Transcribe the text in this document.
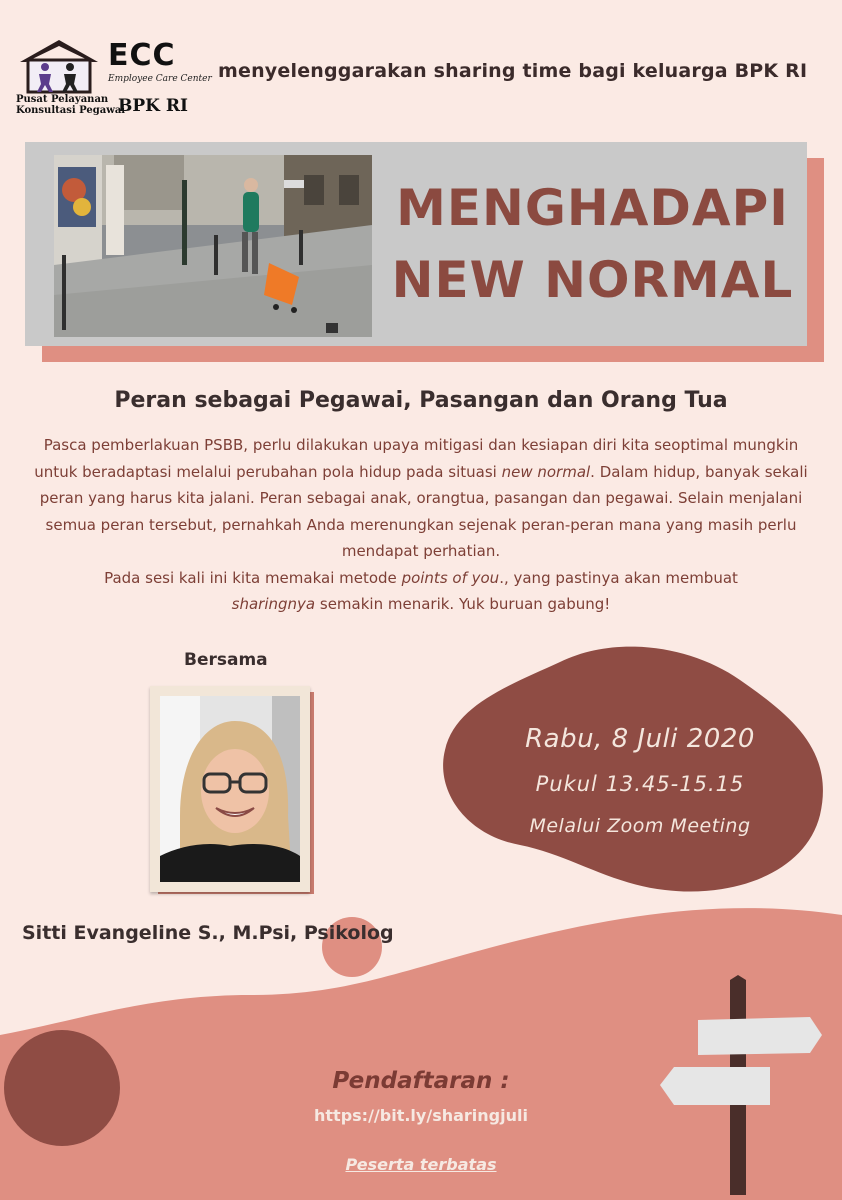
ECC
Employee Care Center
Pusat Pelayanan
Konsultasi Pegawai
BPK RI
menyelenggarakan sharing time bagi keluarga BPK RI
MENGHADAPI
NEW NORMAL
Peran sebagai Pegawai, Pasangan dan Orang Tua
Pasca pemberlakuan PSBB, perlu dilakukan upaya mitigasi dan kesiapan diri kita seoptimal mungkin untuk beradaptasi melalui perubahan pola hidup pada situasi new normal. Dalam hidup, banyak sekali peran yang harus kita jalani. Peran sebagai anak, orangtua, pasangan dan pegawai. Selain menjalani semua peran tersebut, pernahkah Anda merenungkan sejenak peran-peran mana yang masih perlu mendapat perhatian.
Pada sesi kali ini kita memakai metode points of you., yang pastinya akan membuat
sharingnya semakin menarik. Yuk buruan gabung!
Bersama
Sitti Evangeline S., M.Psi, Psikolog
Rabu, 8 Juli 2020
Pukul 13.45-15.15
Melalui Zoom Meeting
Pendaftaran :
https://bit.ly/sharingjuli
Peserta terbatas
